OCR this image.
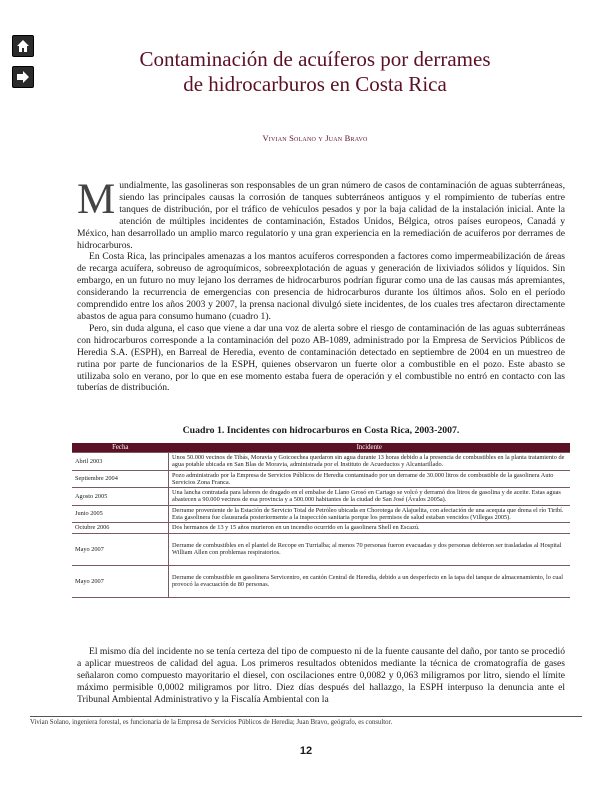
Contaminación de acuíferos por derrames
de hidrocarburos en Costa Rica
Vivian Solano y Juan Bravo

Mundialmente, las gasolineras son responsables de un gran número de casos de contaminación de aguas subterráneas, siendo las principales causas la corrosión de tanques subterráneos antiguos y el rompimiento de tuberías entre tanques de distribución, por el tráfico de vehículos pesados y por la baja calidad de la instalación inicial. Ante la atención de múltiples incidentes de contaminación, Estados Unidos, Bélgica, otros países europeos, Canadá y México, han desarrollado un amplio marco regulatorio y una gran experiencia en la remediación de acuíferos por derrames de hidrocarburos.

En Costa Rica, las principales amenazas a los mantos acuíferos corresponden a factores como impermeabilización de áreas de recarga acuífera, sobreuso de agroquímicos, sobreexplotación de aguas y generación de lixiviados sólidos y líquidos. Sin embargo, en un futuro no muy lejano los derrames de hidrocarburos podrían figurar como una de las causas más apremiantes, considerando la recurrencia de emergencias con presencia de hidrocarburos durante los últimos años. Solo en el período comprendido entre los años 2003 y 2007, la prensa nacional divulgó siete incidentes, de los cuales tres afectaron directamente abastos de agua para consumo humano (cuadro 1).

Pero, sin duda alguna, el caso que viene a dar una voz de alerta sobre el riesgo de contaminación de las aguas subterráneas con hidrocarburos corresponde a la contaminación del pozo AB-1089, administrado por la Empresa de Servicios Públicos de Heredia S.A. (ESPH), en Barreal de Heredia, evento de contaminación detectado en septiembre de 2004 en un muestreo de rutina por parte de funcionarios de la ESPH, quienes observaron un fuerte olor a combustible en el pozo. Este abasto se utilizaba solo en verano, por lo que en ese momento estaba fuera de operación y el combustible no entró en contacto con las tuberías de distribución.

Cuadro 1. Incidentes con hidrocarburos en Costa Rica, 2003-2007.
Fecha	Incidente
Abril 2003	Unos 50.000 vecinos de Tibás, Moravia y Goicoechea quedaron sin agua durante 13 horas debido a la presencia de combustibles en la planta tratamiento de agua potable ubicada en San Blas de Moravia, administrada por el Instituto de Acueductos y Alcantarillado.
Septiembre 2004	Pozo administrado por la Empresa de Servicios Públicos de Heredia contaminado por un derrame de 30.000 litros de combustible de la gasolinera Auto Servicios Zona Franca.
Agosto 2005	Una lancha contratada para labores de dragado en el embalse de Llano Grosó en Cartago se volcó y derramó dos litros de gasolina y de aceite. Estas aguas abastecen a 90.000 vecinos de esa provincia y a 500.000 habitantes de la ciudad de San José (Ávalos 2005a).
Junio 2005	Derrame proveniente de la Estación de Servicio Total de Petróleo ubicada en Chorotega de Alajuelita, con afectación de una acequia que drena el río Tiribí. Esta gasolinera fue clausurada posteriormente a la inspección sanitaria porque los permisos de salud estaban vencidos (Villegas 2005).
Octubre 2006	Dos hermanos de 13 y 15 años murieron en un incendio ocurrido en la gasolinera Shell en Escazú.
Mayo 2007	Derrame de combustibles en el plantel de Recope en Turrialba; al menos 70 personas fueron evacuadas y dos personas debieron ser trasladadas al Hospital William Allen con problemas respiratorios.
Mayo 2007	Derrame de combustible en gasolinera Servicentro, en cantón Central de Heredia, debido a un desperfecto en la tapa del tanque de almacenamiento, lo cual provocó la evacuación de 80 personas.

El mismo día del incidente no se tenía certeza del tipo de compuesto ni de la fuente causante del daño, por tanto se procedió a aplicar muestreos de calidad del agua. Los primeros resultados obtenidos mediante la técnica de cromatografía de gases señalaron como compuesto mayoritario el diesel, con oscilaciones entre 0,0082 y 0,063 miligramos por litro, siendo el límite máximo permisible 0,0002 miligramos por litro. Diez días después del hallazgo, la ESPH interpuso la denuncia ante el Tribunal Ambiental Administrativo y la Fiscalía Ambiental con la

Vivian Solano, ingeniera forestal, es funcionaria de la Empresa de Servicios Públicos de Heredia; Juan Bravo, geógrafo, es consultor.
12
